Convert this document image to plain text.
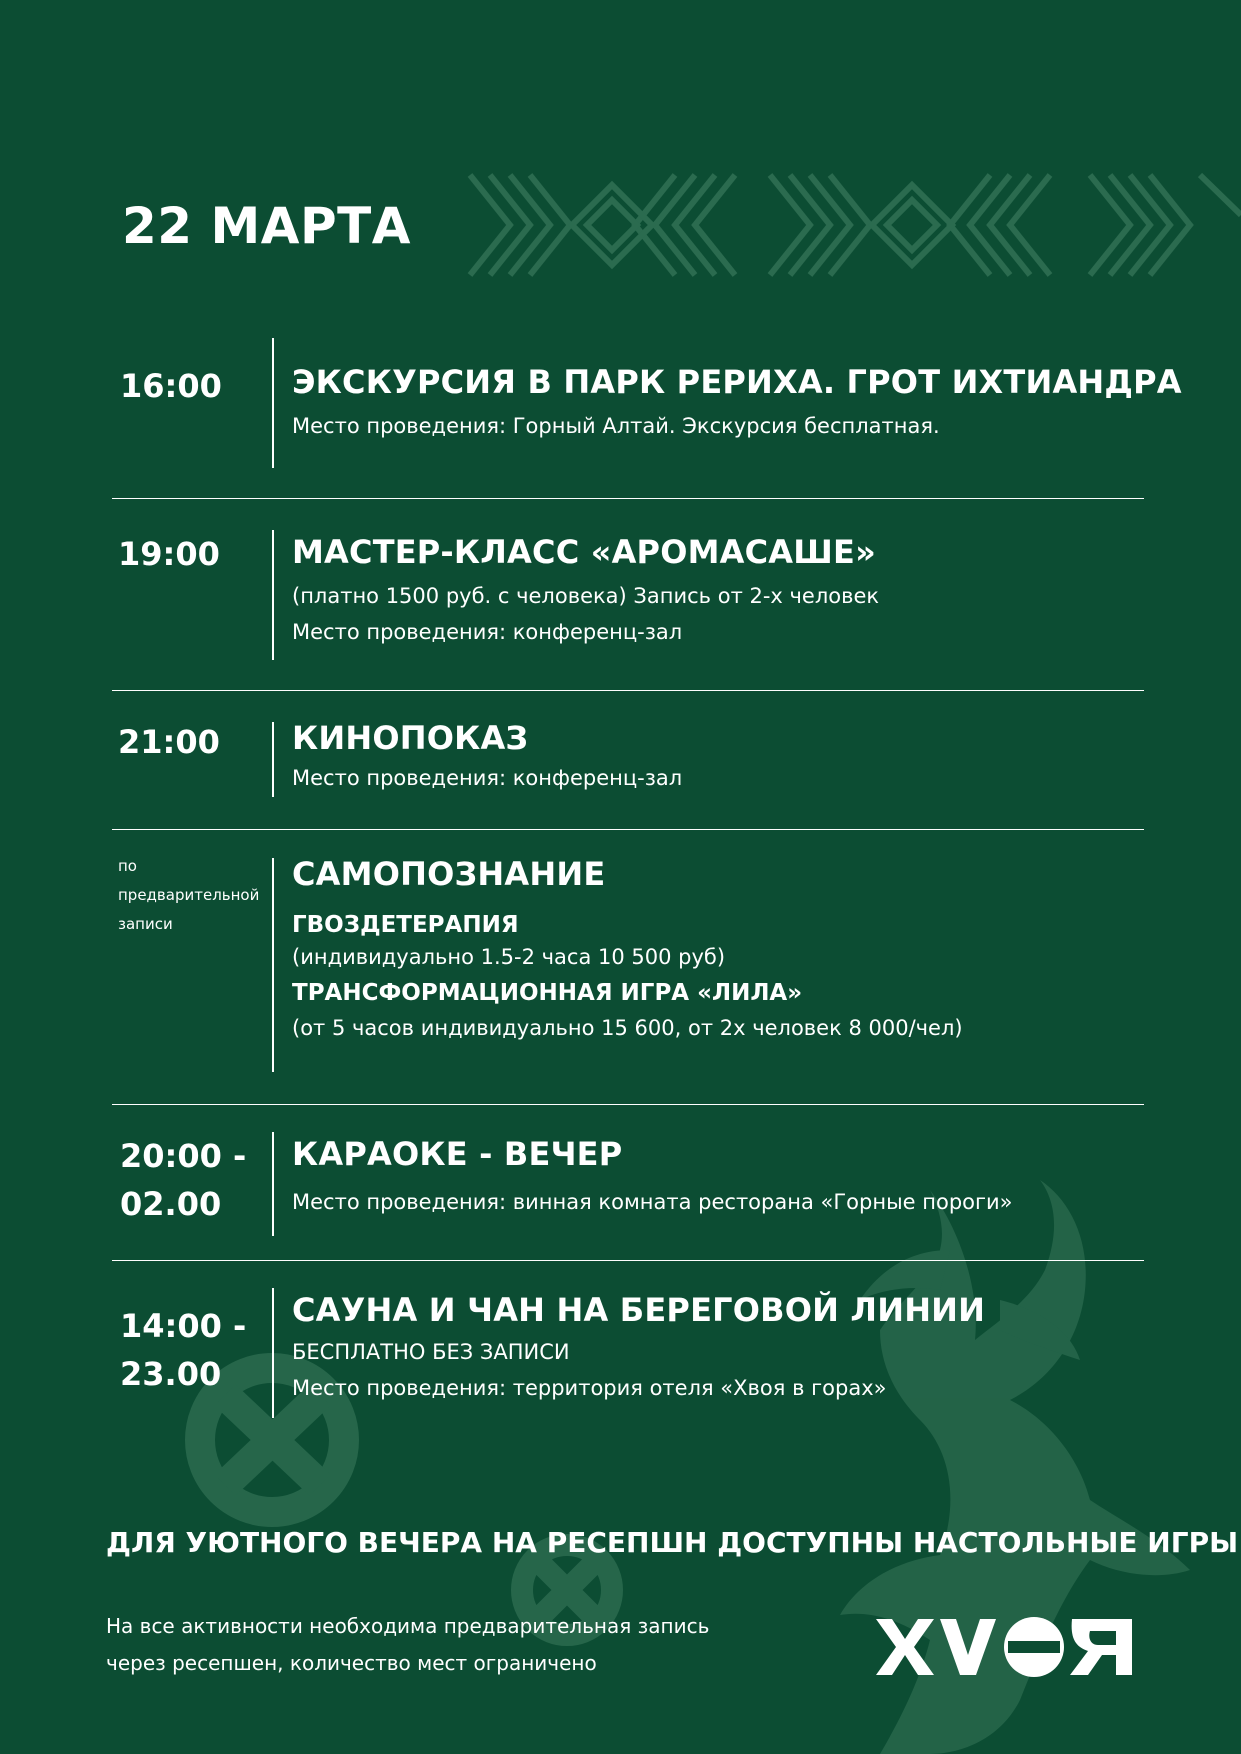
22 МАРТА
16:00 ЭКСКУРСИЯ В ПАРК РЕРИХА. ГРОТ ИХТИАНДРА

Место проведения: Горный Алтай. Экскурсия бесплатная.

19:00 МАСТЕР-КЛАСС «АРОМАСАШЕ»

(платно 1500 руб. с человека) Запись от 2-х человек

Место проведения: конференц-зал

21:00 КИНОПОКАЗ

Место проведения: конференц-зал

по
предварительной
записи

САМОПОЗНАНИЕ

ГВОЗДЕТЕРАПИЯ

(индивидуально 1.5-2 часа 10 500 руб)

ТРАНСФОРМАЦИОННАЯ ИГРА «ЛИЛА»

(от 5 часов индивидуально 15 600, от 2х человек 8 000/чел)

20:00 -
02.00

КАРАОКЕ - ВЕЧЕР

Место проведения: винная комната ресторана «Горные пороги»

14:00 -
23.00

САУНА И ЧАН НА БЕРЕГОВОЙ ЛИНИИ

БЕСПЛАТНО БЕЗ ЗАПИСИ

Место проведения: территория отеля «Хвоя в горах»

ДЛЯ УЮТНОГО ВЕЧЕРА НА РЕСЕПШН ДОСТУПНЫ НАСТОЛЬНЫЕ ИГРЫ

На все активности необходима предварительная запись
через ресепшен, количество мест ограничено
